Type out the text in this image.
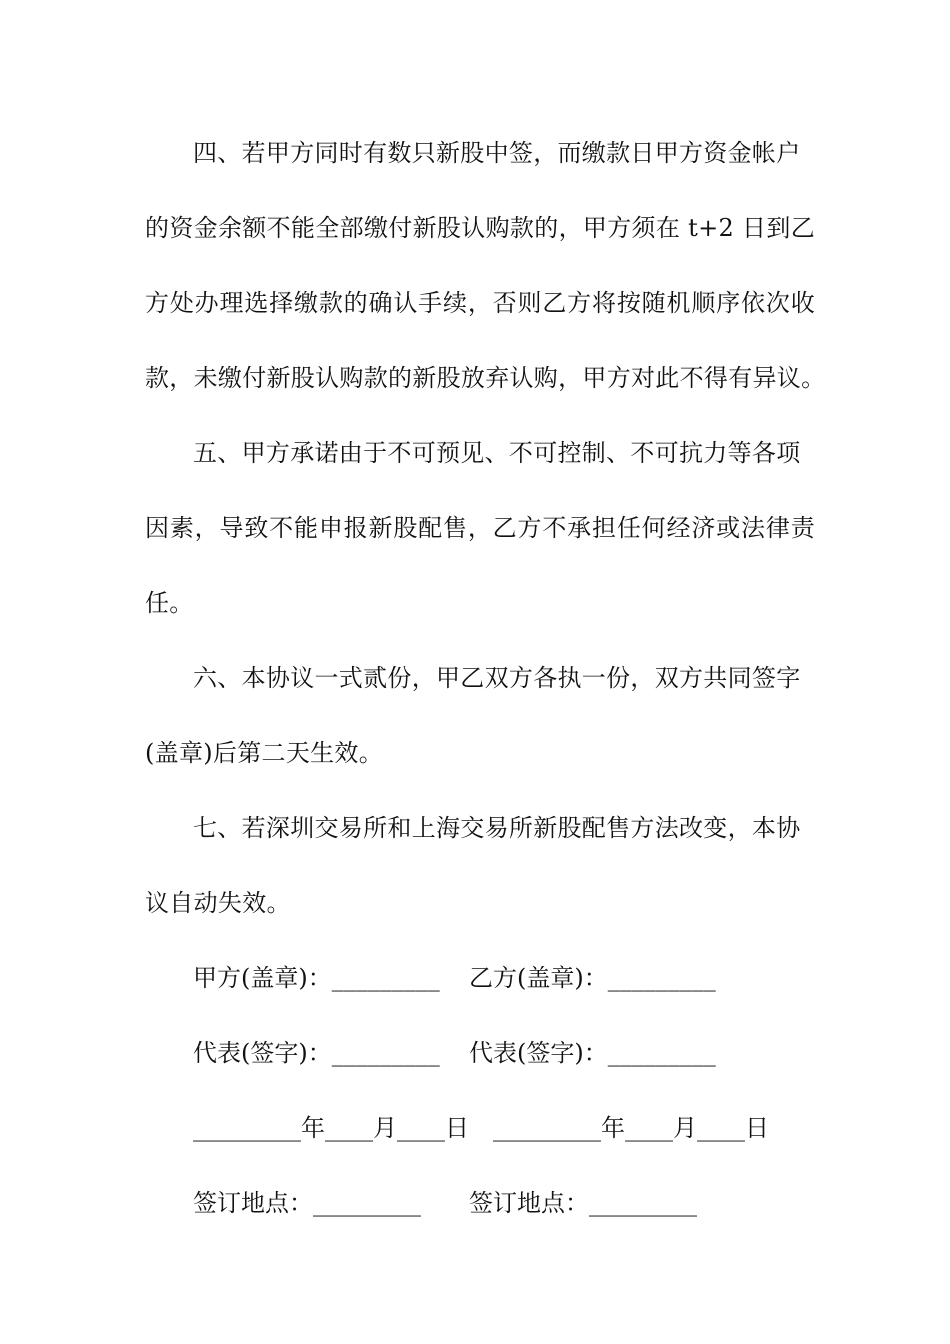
四、若甲方同时有数只新股中签，而缴款日甲方资金帐户
的资金余额不能全部缴付新股认购款的，甲方须在 t+2 日到乙
方处办理选择缴款的确认手续，否则乙方将按随机顺序依次收
款，未缴付新股认购款的新股放弃认购，甲方对此不得有异议。
五、甲方承诺由于不可预见、不可控制、不可抗力等各项
因素，导致不能申报新股配售，乙方不承担任何经济或法律责
任。
六、本协议一式贰份，甲乙双方各执一份，双方共同签字
(盖章)后第二天生效。
七、若深圳交易所和上海交易所新股配售方法改变，本协
议自动失效。
甲方(盖章)：_________ 乙方(盖章)：_________
代表(签字)：_________ 代表(签字)：_________
_________年____月____日 _________年____月____日
签订地点：_________ 签订地点：_________
